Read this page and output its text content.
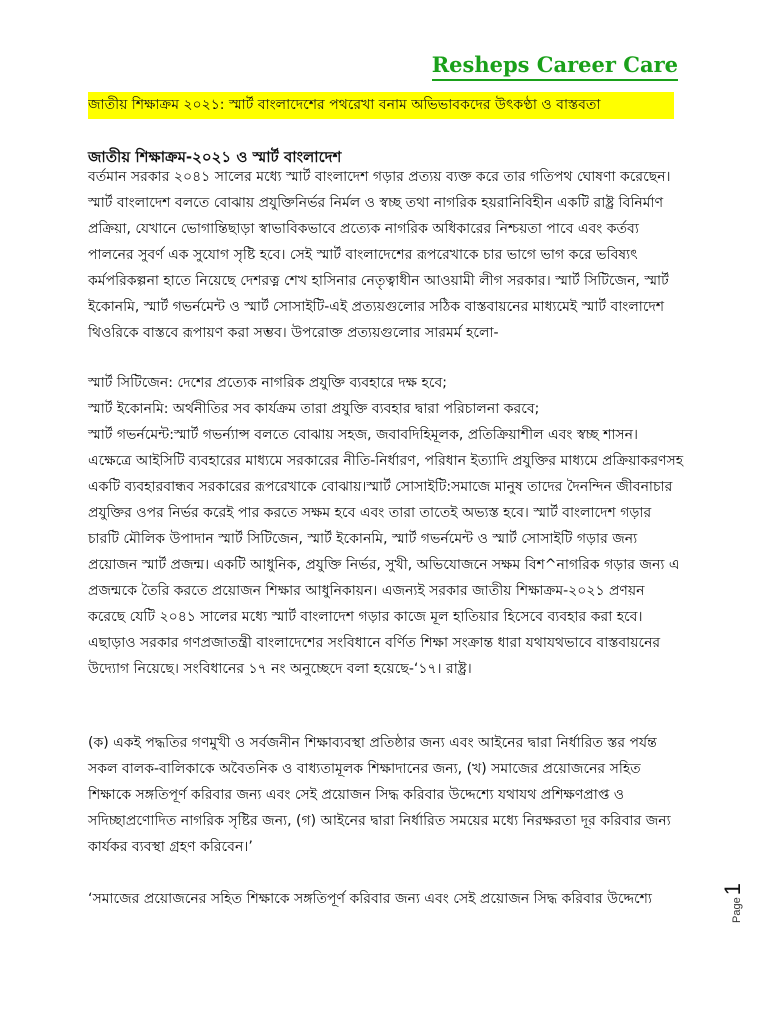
Resheps Career Care
জাতীয় শিক্ষাক্রম ২০২১: স্মার্ট বাংলাদেশের পথরেখা বনাম অভিভাবকদের উৎকণ্ঠা ও বাস্তবতা
জাতীয় শিক্ষাক্রম-২০২১ ও স্মার্ট বাংলাদেশ

বর্তমান সরকার ২০৪১ সালের মধ্যে স্মার্ট বাংলাদেশ গড়ার প্রত্যয় ব্যক্ত করে তার গতিপথ ঘোষণা করেছেন। স্মার্ট বাংলাদেশ বলতে বোঝায় প্রযুক্তিনির্ভর নির্মল ও স্বচ্ছ তথা নাগরিক হয়রানিবিহীন একটি রাষ্ট্র বিনির্মাণ প্রক্রিয়া, যেখানে ভোগান্তিছাড়া স্বাভাবিকভাবে প্রত্যেক নাগরিক অধিকারের নিশ্চয়তা পাবে এবং কর্তব্য পালনের সুবর্ণ এক সুযোগ সৃষ্টি হবে। সেই স্মার্ট বাংলাদেশের রূপরেখাকে চার ভাগে ভাগ করে ভবিষ্যৎ কর্মপরিকল্পনা হাতে নিয়েছে দেশরত্ন শেখ হাসিনার নেতৃত্বাধীন আওয়ামী লীগ সরকার। স্মার্ট সিটিজেন, স্মার্ট ইকোনমি, স্মার্ট গভর্নমেন্ট ও স্মার্ট সোসাইটি-এই প্রত্যয়গুলোর সঠিক বাস্তবায়নের মাধ্যমেই স্মার্ট বাংলাদেশ থিওরিকে বাস্তবে রূপায়ণ করা সম্ভব। উপরোক্ত প্রত্যয়গুলোর সারমর্ম হলো-

স্মার্ট সিটিজেন: দেশের প্রত্যেক নাগরিক প্রযুক্তি ব্যবহারে দক্ষ হবে;
স্মার্ট ইকোনমি: অর্থনীতির সব কার্যক্রম তারা প্রযুক্তি ব্যবহার দ্বারা পরিচালনা করবে;
স্মার্ট গভর্নমেন্ট:স্মার্ট গভর্ন্যান্স বলতে বোঝায় সহজ, জবাবদিহিমূলক, প্রতিক্রিয়াশীল এবং স্বচ্ছ শাসন। এক্ষেত্রে আইসিটি ব্যবহারের মাধ্যমে সরকারের নীতি-নির্ধারণ, পরিধান ইত্যাদি প্রযুক্তির মাধ্যমে প্রক্রিয়াকরণসহ একটি ব্যবহারবান্ধব সরকারের রূপরেখাকে বোঝায়।স্মার্ট সোসাইটি:সমাজে মানুষ তাদের দৈনন্দিন জীবনাচার প্রযুক্তির ওপর নির্ভর করেই পার করতে সক্ষম হবে এবং তারা তাতেই অভ্যস্ত হবে। স্মার্ট বাংলাদেশ গড়ার চারটি মৌলিক উপাদান স্মার্ট সিটিজেন, স্মার্ট ইকোনমি, স্মার্ট গভর্নমেন্ট ও স্মার্ট সোসাইটি গড়ার জন্য প্রয়োজন স্মার্ট প্রজন্ম। একটি আধুনিক, প্রযুক্তি নির্ভর, সুখী, অভিযোজনে সক্ষম বিশ^নাগরিক গড়ার জন্য এ প্রজন্মকে তৈরি করতে প্রয়োজন শিক্ষার আধুনিকায়ন। এজন্যই সরকার জাতীয় শিক্ষাক্রম-২০২১ প্রণয়ন করেছে যেটি ২০৪১ সালের মধ্যে স্মার্ট বাংলাদেশ গড়ার কাজে মূল হাতিয়ার হিসেবে ব্যবহার করা হবে। এছাড়াও সরকার গণপ্রজাতন্ত্রী বাংলাদেশের সংবিধানে বর্ণিত শিক্ষা সংক্রান্ত ধারা যথাযথভাবে বাস্তবায়নের উদ্যোগ নিয়েছে। সংবিধানের ১৭ নং অনুচ্ছেদে বলা হয়েছে-‘১৭। রাষ্ট্র।

(ক) একই পদ্ধতির গণমুখী ও সর্বজনীন শিক্ষাব্যবস্থা প্রতিষ্ঠার জন্য এবং আইনের দ্বারা নির্ধারিত স্তর পর্যন্ত সকল বালক-বালিকাকে অবৈতনিক ও বাধ্যতামূলক শিক্ষাদানের জন্য, (খ) সমাজের প্রয়োজনের সহিত শিক্ষাকে সঙ্গতিপূর্ণ করিবার জন্য এবং সেই প্রয়োজন সিদ্ধ করিবার উদ্দেশ্যে যথাযথ প্রশিক্ষণপ্রাপ্ত ও সদিচ্ছাপ্রণোদিত নাগরিক সৃষ্টির জন্য, (গ) আইনের দ্বারা নির্ধারিত সময়ের মধ্যে নিরক্ষরতা দূর করিবার জন্য কার্যকর ব্যবস্থা গ্রহণ করিবেন।’

‘সমাজের প্রয়োজনের সহিত শিক্ষাকে সঙ্গতিপূর্ণ করিবার জন্য এবং সেই প্রয়োজন সিদ্ধ করিবার উদ্দেশ্যে	Page1
